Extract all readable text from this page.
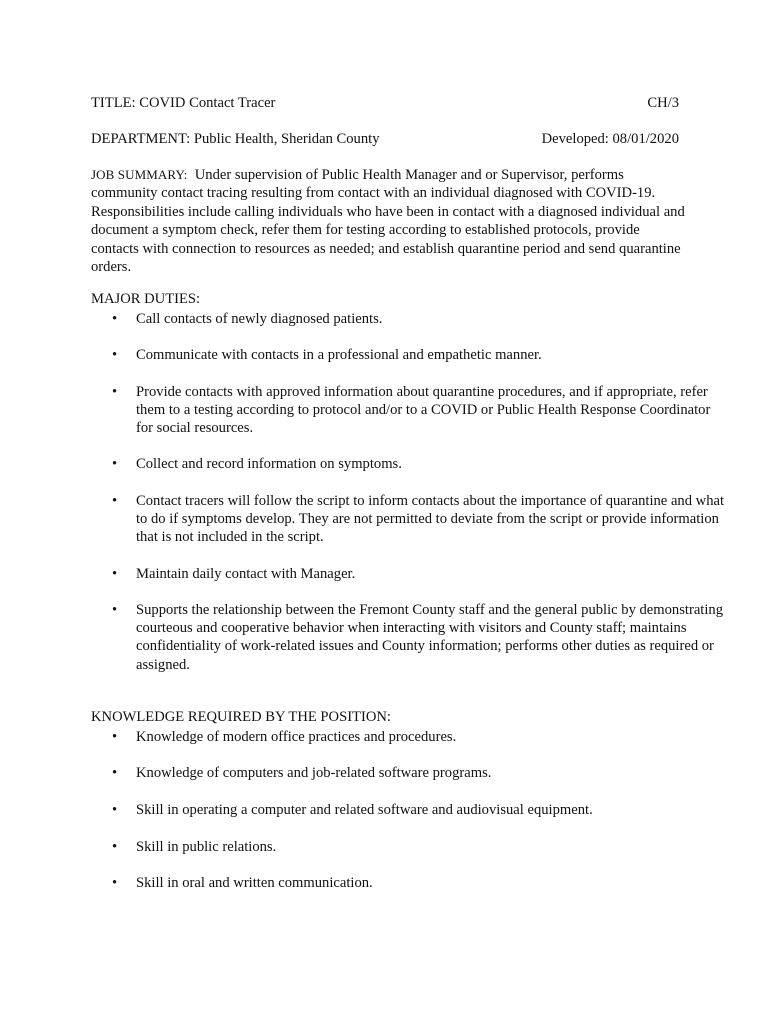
TITLE: COVID Contact Tracer	CH/3
DEPARTMENT: Public Health, Sheridan County	Developed: 08/01/2020
JOB SUMMARY: Under supervision of Public Health Manager and or Supervisor, performs community contact tracing resulting from contact with an individual diagnosed with COVID-19. Responsibilities include calling individuals who have been in contact with a diagnosed individual and document a symptom check, refer them for testing according to established protocols, provide contacts with connection to resources as needed; and establish quarantine period and send quarantine orders.
MAJOR DUTIES:
• Call contacts of newly diagnosed patients.
• Communicate with contacts in a professional and empathetic manner.
• Provide contacts with approved information about quarantine procedures, and if appropriate, refer them to a testing according to protocol and/or to a COVID or Public Health Response Coordinator for social resources.
• Collect and record information on symptoms.
• Contact tracers will follow the script to inform contacts about the importance of quarantine and what to do if symptoms develop. They are not permitted to deviate from the script or provide information that is not included in the script.
• Maintain daily contact with Manager.
• Supports the relationship between the Fremont County staff and the general public by demonstrating courteous and cooperative behavior when interacting with visitors and County staff; maintains confidentiality of work-related issues and County information; performs other duties as required or assigned.
KNOWLEDGE REQUIRED BY THE POSITION:
• Knowledge of modern office practices and procedures.
• Knowledge of computers and job-related software programs.
• Skill in operating a computer and related software and audiovisual equipment.
• Skill in public relations.
• Skill in oral and written communication.
